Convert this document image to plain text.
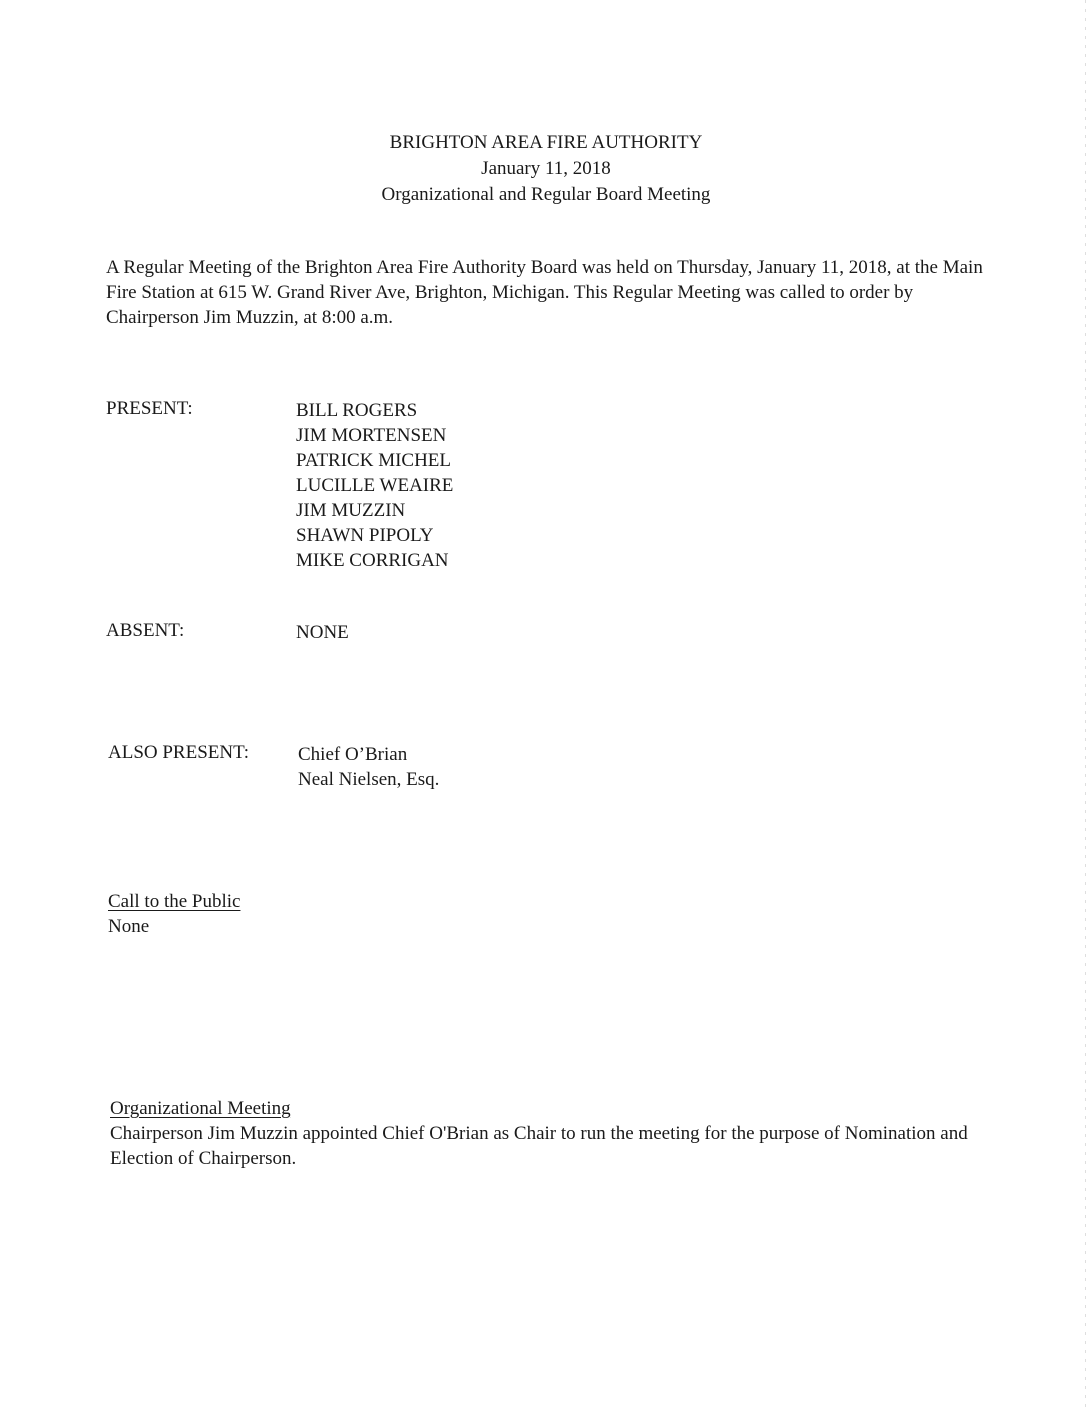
BRIGHTON AREA FIRE AUTHORITY
January 11, 2018
Organizational and Regular Board Meeting
A Regular Meeting of the Brighton Area Fire Authority Board was held on Thursday, January 11, 2018, at the Main Fire Station at 615 W. Grand River Ave, Brighton, Michigan. This Regular Meeting was called to order by Chairperson Jim Muzzin, at 8:00 a.m.
PRESENT:	BILL ROGERS
JIM MORTENSEN
PATRICK MICHEL
LUCILLE WEAIRE
JIM MUZZIN
SHAWN PIPOLY
MIKE CORRIGAN
ABSENT:	NONE
ALSO PRESENT:	Chief O’Brian
Neal Nielsen, Esq.
Call to the Public
None
Organizational Meeting
Chairperson Jim Muzzin appointed Chief O'Brian as Chair to run the meeting for the purpose of Nomination and Election of Chairperson.
